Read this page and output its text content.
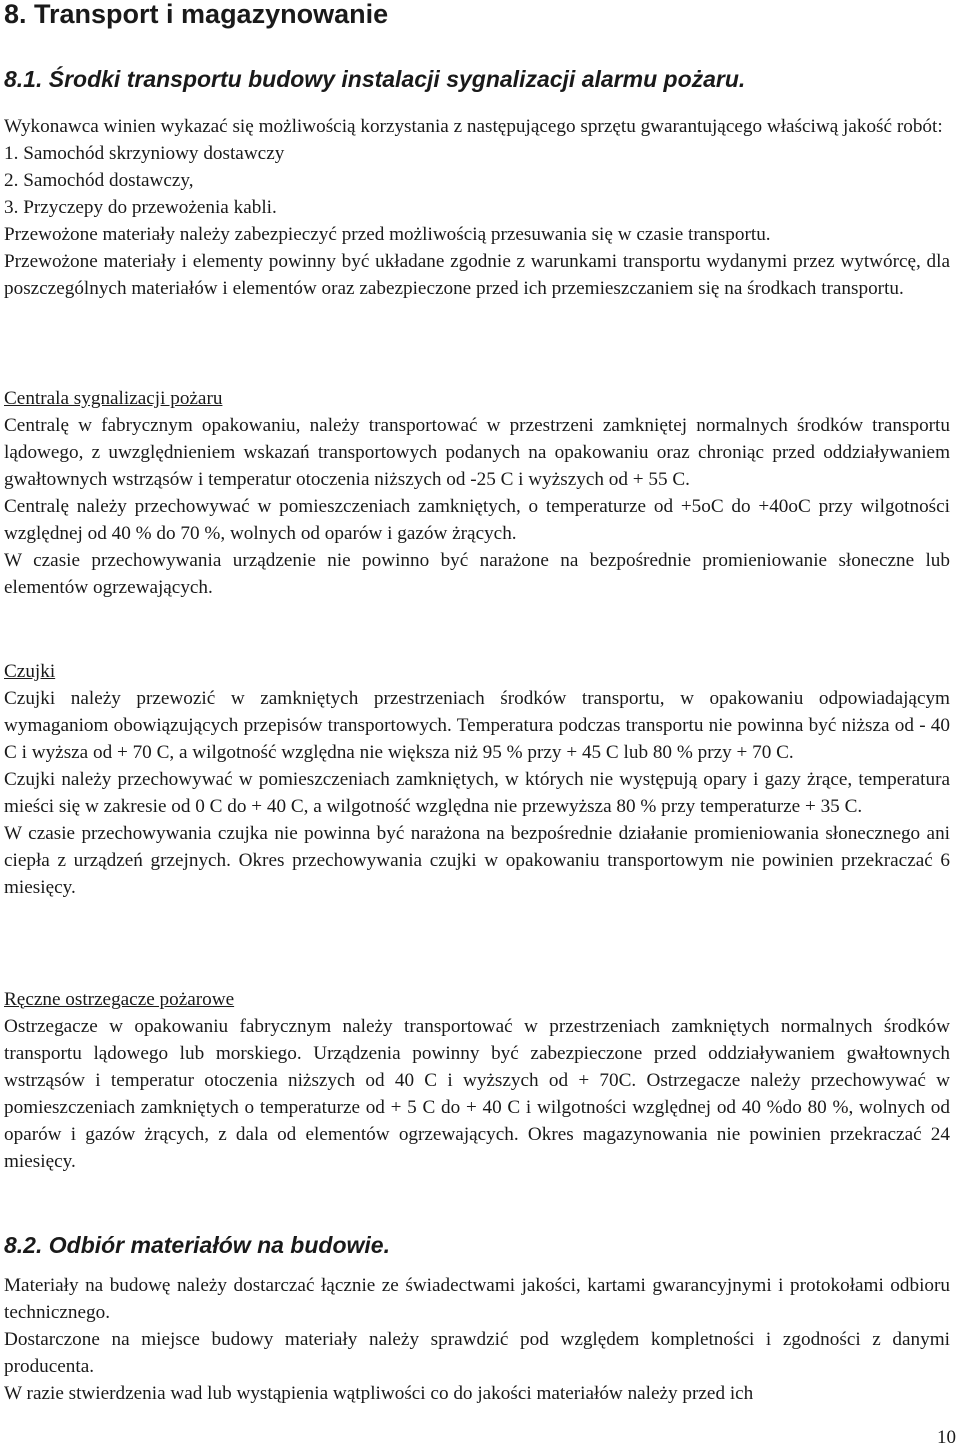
8. Transport i magazynowanie
8.1. Środki transportu budowy instalacji sygnalizacji alarmu pożaru.

Wykonawca winien wykazać się możliwością korzystania z następującego sprzętu gwarantującego właściwą jakość robót:

1. Samochód skrzyniowy dostawczy

2. Samochód dostawczy,

3. Przyczepy do przewożenia kabli.

Przewożone materiały należy zabezpieczyć przed możliwością przesuwania się w czasie transportu.

Przewożone materiały i elementy powinny być układane zgodnie z warunkami transportu wydanymi przez wytwórcę, dla poszczególnych materiałów i elementów oraz zabezpieczone przed ich przemieszczaniem się na środkach transportu.

Centrala sygnalizacji pożaru

Centralę w fabrycznym opakowaniu, należy transportować w przestrzeni zamkniętej normalnych środków transportu lądowego, z uwzględnieniem wskazań transportowych podanych na opakowaniu oraz chroniąc przed oddziaływaniem gwałtownych wstrząsów i temperatur otoczenia niższych od -25 C i wyższych od + 55 C.

Centralę należy przechowywać w pomieszczeniach zamkniętych, o temperaturze od +5oC do +40oC przy wilgotności względnej od 40 % do 70 %, wolnych od oparów i gazów żrących.

W czasie przechowywania urządzenie nie powinno być narażone na bezpośrednie promieniowanie słoneczne lub elementów ogrzewających.

Czujki

Czujki należy przewozić w zamkniętych przestrzeniach środków transportu, w opakowaniu odpowiadającym wymaganiom obowiązujących przepisów transportowych. Temperatura podczas transportu nie powinna być niższa od - 40 C i wyższa od + 70 C, a wilgotność względna nie większa niż 95 % przy + 45 C lub 80 % przy + 70 C.

Czujki należy przechowywać w pomieszczeniach zamkniętych, w których nie występują opary i gazy żrące, temperatura mieści się w zakresie od 0 C do + 40 C, a wilgotność względna nie przewyższa 80 % przy temperaturze + 35 C.

W czasie przechowywania czujka nie powinna być narażona na bezpośrednie działanie promieniowania słonecznego ani ciepła z urządzeń grzejnych. Okres przechowywania czujki w opakowaniu transportowym nie powinien przekraczać 6 miesięcy.

Ręczne ostrzegacze pożarowe

Ostrzegacze w opakowaniu fabrycznym należy transportować w przestrzeniach zamkniętych normalnych środków transportu lądowego lub morskiego. Urządzenia powinny być zabezpieczone przed oddziaływaniem gwałtownych wstrząsów i temperatur otoczenia niższych od 40 C i wyższych od + 70C. Ostrzegacze należy przechowywać w pomieszczeniach zamkniętych o temperaturze od + 5 C do + 40 C i wilgotności względnej od 40 %do 80 %, wolnych od oparów i gazów żrących, z dala od elementów ogrzewających. Okres magazynowania nie powinien przekraczać 24 miesięcy.

8.2. Odbiór materiałów na budowie.

Materiały na budowę należy dostarczać łącznie ze świadectwami jakości, kartami gwarancyjnymi i protokołami odbioru technicznego.

Dostarczone na miejsce budowy materiały należy sprawdzić pod względem kompletności i zgodności z danymi producenta.

W razie stwierdzenia wad lub wystąpienia wątpliwości co do jakości materiałów należy przed ich

10
